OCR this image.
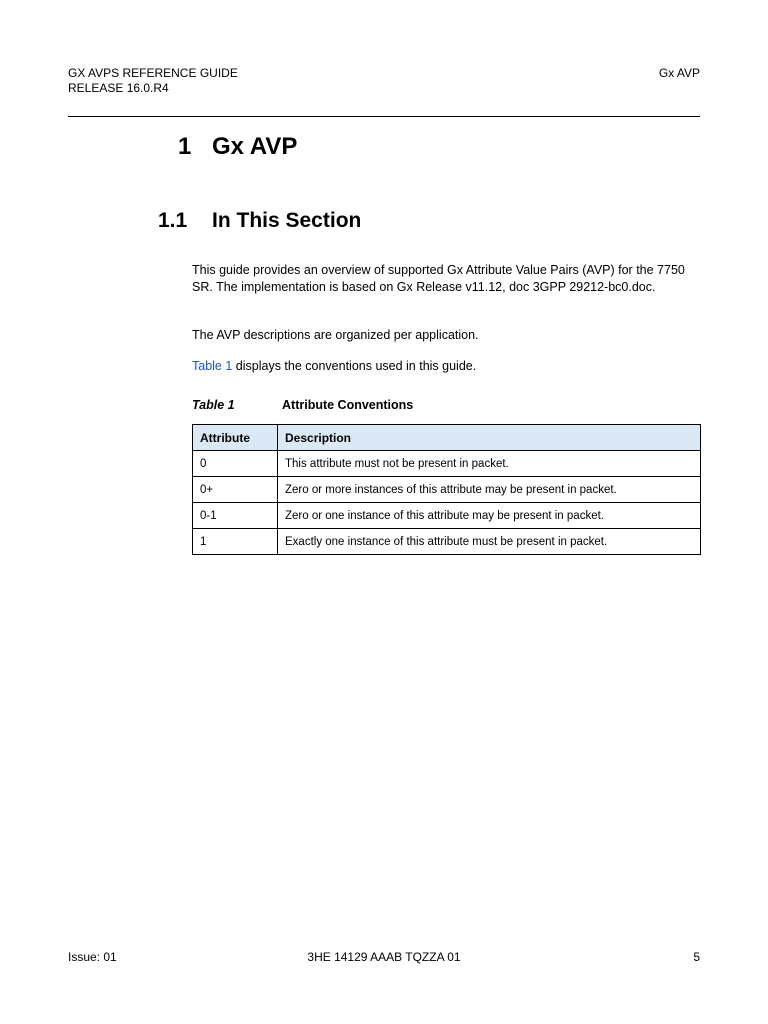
GX AVPS REFERENCE GUIDE
RELEASE 16.0.R4
Gx AVP
1 Gx AVP
1.1 In This Section
This guide provides an overview of supported Gx Attribute Value Pairs (AVP) for the 7750 SR. The implementation is based on Gx Release v11.12, doc 3GPP 29212-bc0.doc.
The AVP descriptions are organized per application.
Table 1 displays the conventions used in this guide.
Table 1	Attribute Conventions
Attribute	Description
0	This attribute must not be present in packet.
0+	Zero or more instances of this attribute may be present in packet.
0-1	Zero or one instance of this attribute may be present in packet.
1	Exactly one instance of this attribute must be present in packet.
Issue: 01	3HE 14129 AAAB TQZZA 01	5
